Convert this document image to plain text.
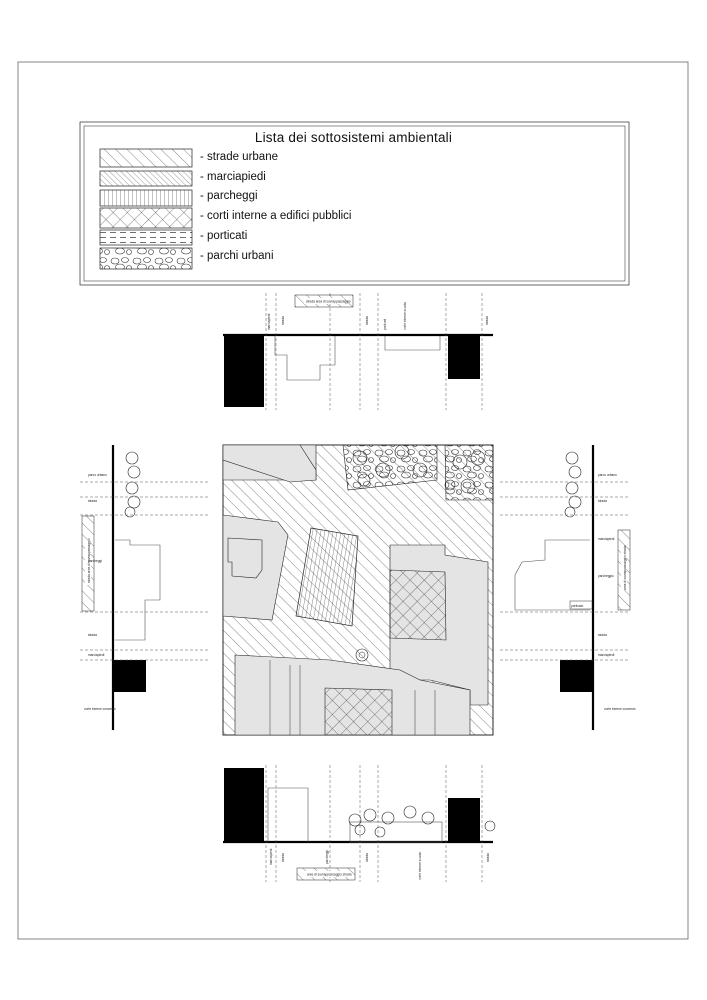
marciapiedi	strada	strada	porticati	corte interne scuola	strada
strada area di sovrappassaggio
marciapiedi	strada	parcheggi	strada	corte interne scuola	strada
aree di sovrappassaggio strada
parco urbano
strada
parcheggi
strada
marciapiedi
corte interne convento
strada area di sovrappassaggio
parco urbano
strada
marciapiedi
parcheggio
porticato
strada
marciapiedi
corte interne convento
area di sovrappassaggio strada
Lista dei sottosistemi ambientali
- strade urbane
- marciapiedi
- parcheggi
- corti interne a edifici pubblici
- porticati
- parchi urbani
